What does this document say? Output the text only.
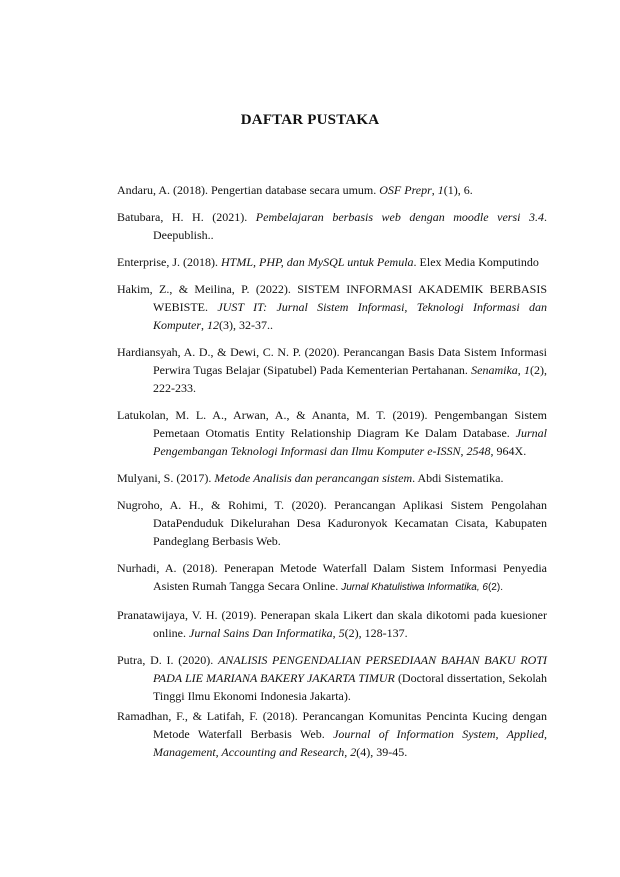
DAFTAR PUSTAKA
Andaru, A. (2018). Pengertian database secara umum. OSF Prepr, 1(1), 6.
Batubara, H. H. (2021). Pembelajaran berbasis web dengan moodle versi 3.4. Deepublish..
Enterprise, J. (2018). HTML, PHP, dan MySQL untuk Pemula. Elex Media Komputindo
Hakim, Z., & Meilina, P. (2022). SISTEM INFORMASI AKADEMIK BERBASIS WEBISTE. JUST IT: Jurnal Sistem Informasi, Teknologi Informasi dan Komputer, 12(3), 32-37..
Hardiansyah, A. D., & Dewi, C. N. P. (2020). Perancangan Basis Data Sistem Informasi Perwira Tugas Belajar (Sipatubel) Pada Kementerian Pertahanan. Senamika, 1(2), 222-233.
Latukolan, M. L. A., Arwan, A., & Ananta, M. T. (2019). Pengembangan Sistem Pemetaan Otomatis Entity Relationship Diagram Ke Dalam Database. Jurnal Pengembangan Teknologi Informasi dan Ilmu Komputer e-ISSN, 2548, 964X.
Mulyani, S. (2017). Metode Analisis dan perancangan sistem. Abdi Sistematika.
Nugroho, A. H., & Rohimi, T. (2020). Perancangan Aplikasi Sistem Pengolahan DataPenduduk Dikelurahan Desa Kaduronyok Kecamatan Cisata, Kabupaten Pandeglang Berbasis Web.
Nurhadi, A. (2018). Penerapan Metode Waterfall Dalam Sistem Informasi Penyedia Asisten Rumah Tangga Secara Online. Jurnal Khatulistiwa Informatika, 6(2).
Pranatawijaya, V. H. (2019). Penerapan skala Likert dan skala dikotomi pada kuesioner online. Jurnal Sains Dan Informatika, 5(2), 128-137.
Putra, D. I. (2020). ANALISIS PENGENDALIAN PERSEDIAAN BAHAN BAKU ROTI PADA LIE MARIANA BAKERY JAKARTA TIMUR (Doctoral dissertation, Sekolah Tinggi Ilmu Ekonomi Indonesia Jakarta).
Ramadhan, F., & Latifah, F. (2018). Perancangan Komunitas Pencinta Kucing dengan Metode Waterfall Berbasis Web. Journal of Information System, Applied, Management, Accounting and Research, 2(4), 39-45.
